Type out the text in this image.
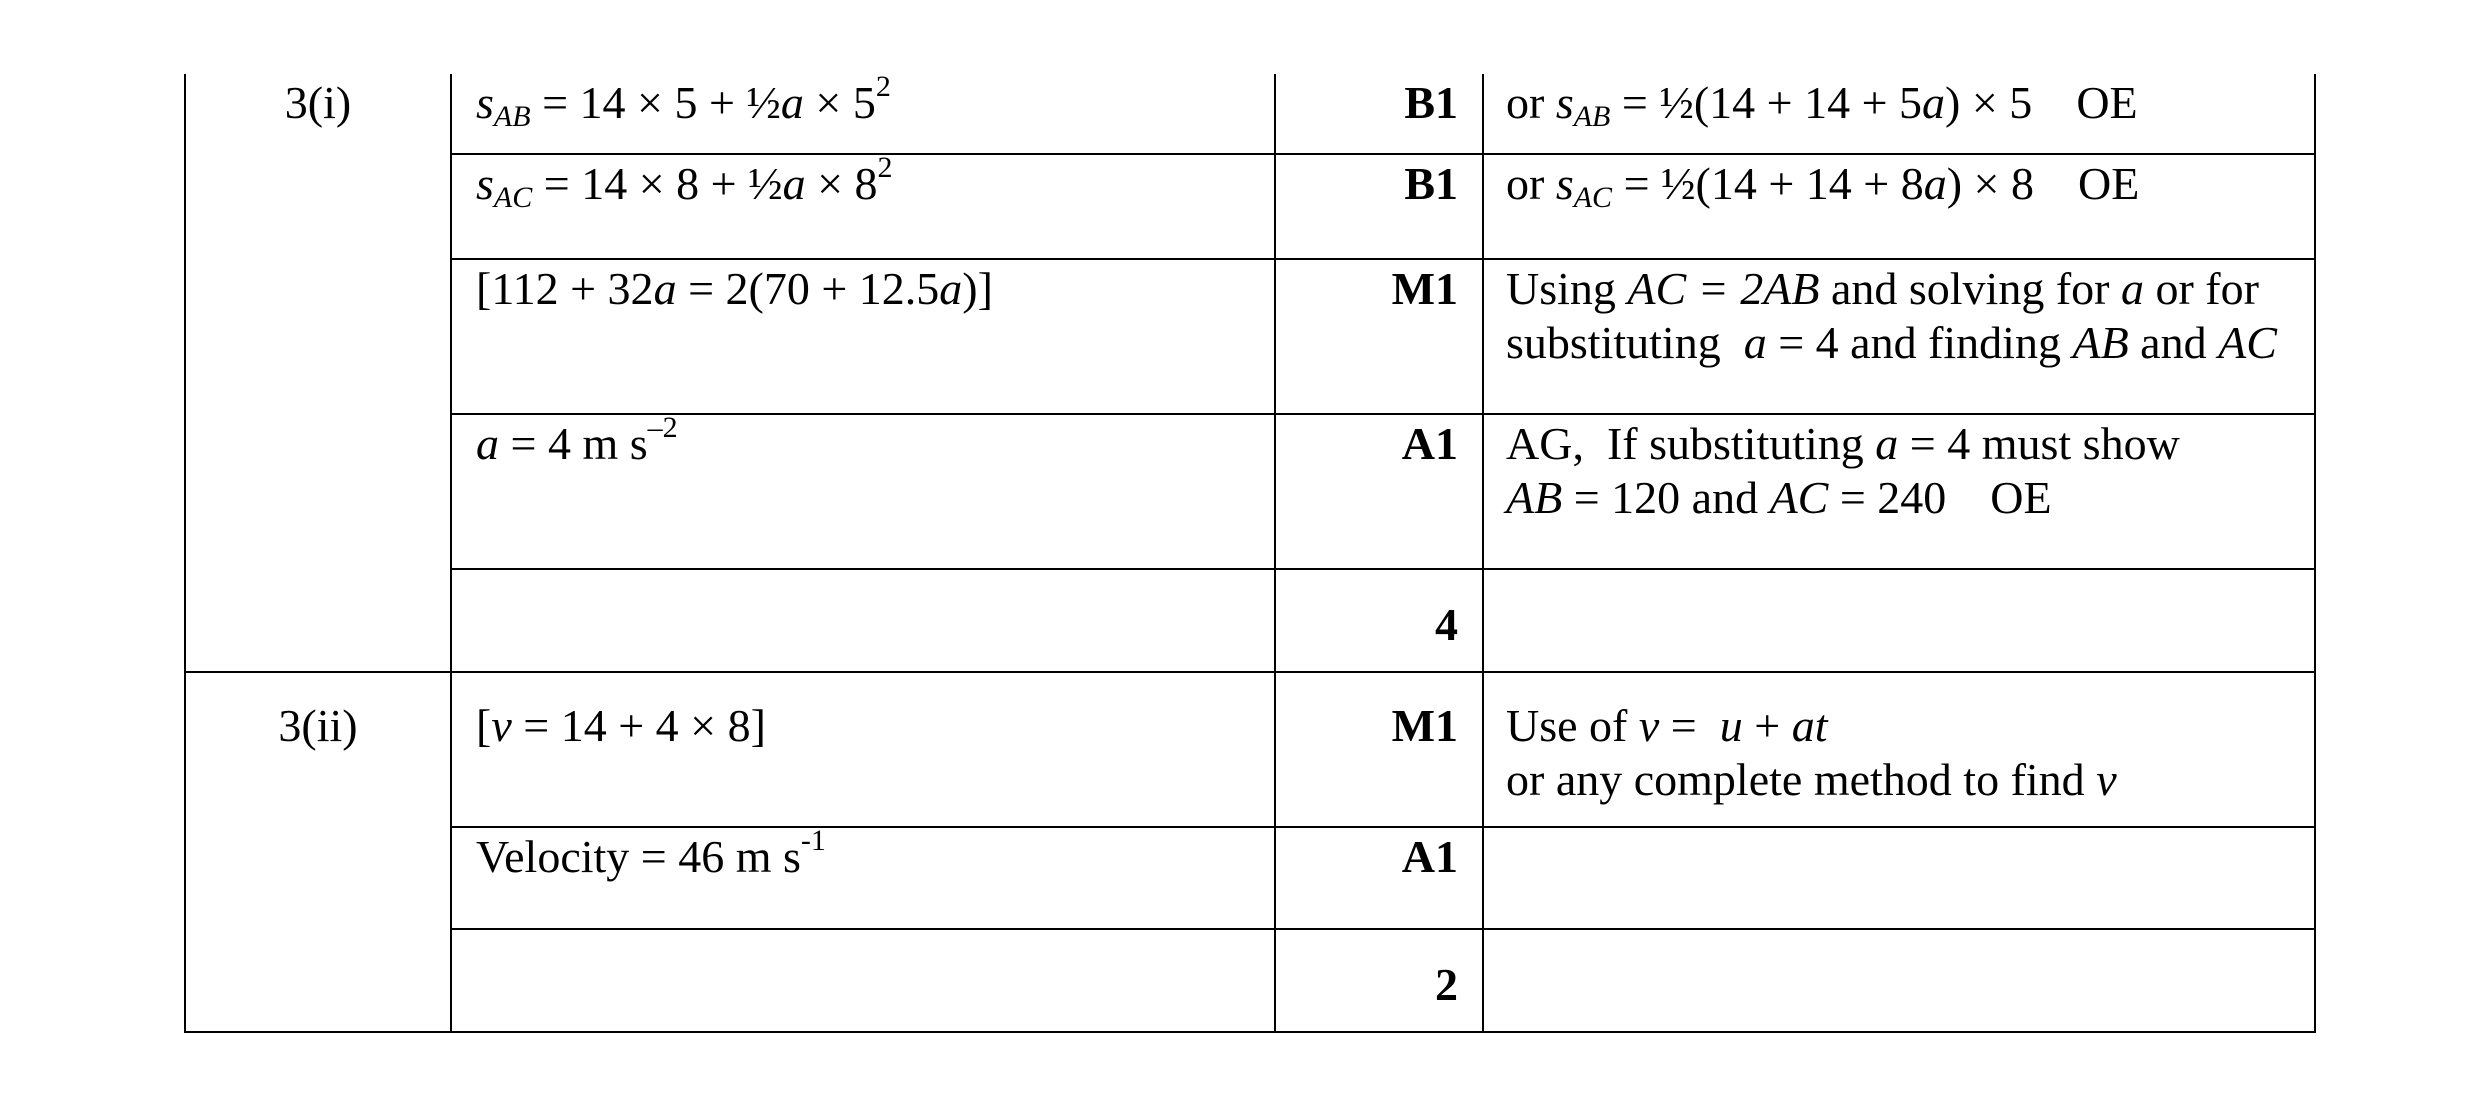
3(i)	$s_{AB} = 14 \times 5$ + ½a × $5^2$	B1	or $s_{AB}$ = ½(14 + 14 + 5a) × 5 OE
	$s_{AC} = 14 \times 8$ + ½a × $8^2$	B1	or $s_{AC}$ = ½(14 + 14 + 8a) × 8 OE
	[112 + 32a = 2(70 + 12.5a)]	M1	Using AC = 2AB and solving for a or for
substituting  a = 4 and finding AB and AC

	a = 4 m $s^{-2}$	A1	AG,  If substituting a = 4 must show
AB = 120 and AC = 240 OE

		4	
3(ii)	[v = 14 + 4 × 8]	M1	Use of v =  u + at
or any complete method to find v

	Velocity = 46 m $s^{-1}$	A1	
		2	
